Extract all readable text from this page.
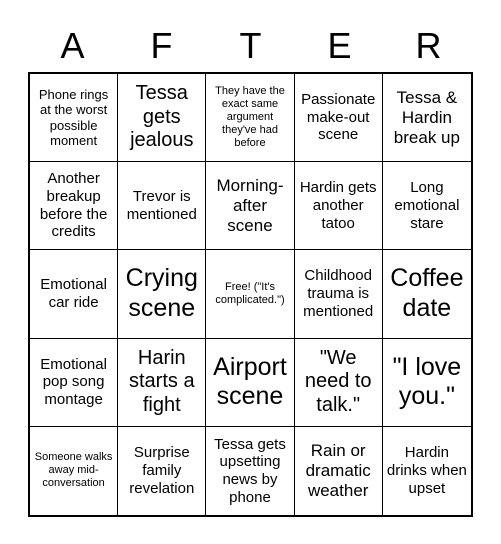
A	F	T	E	R
Phone rings at the worst possible moment
Tessa gets jealous
They have the exact same argument they've had before
Passionate make-out scene
Tessa & Hardin break up
Another breakup before the credits
Trevor is mentioned
Morning-after scene
Hardin gets another tatoo
Long emotional stare
Emotional car ride
Crying scene
Free! ("It's complicated.")
Childhood trauma is mentioned
Coffee date
Emotional pop song montage
Harin starts a fight
Airport scene
"We need to talk."
"I love you."
Someone walks away mid-conversation
Surprise family revelation
Tessa gets upsetting news by phone
Rain or dramatic weather
Hardin drinks when upset
